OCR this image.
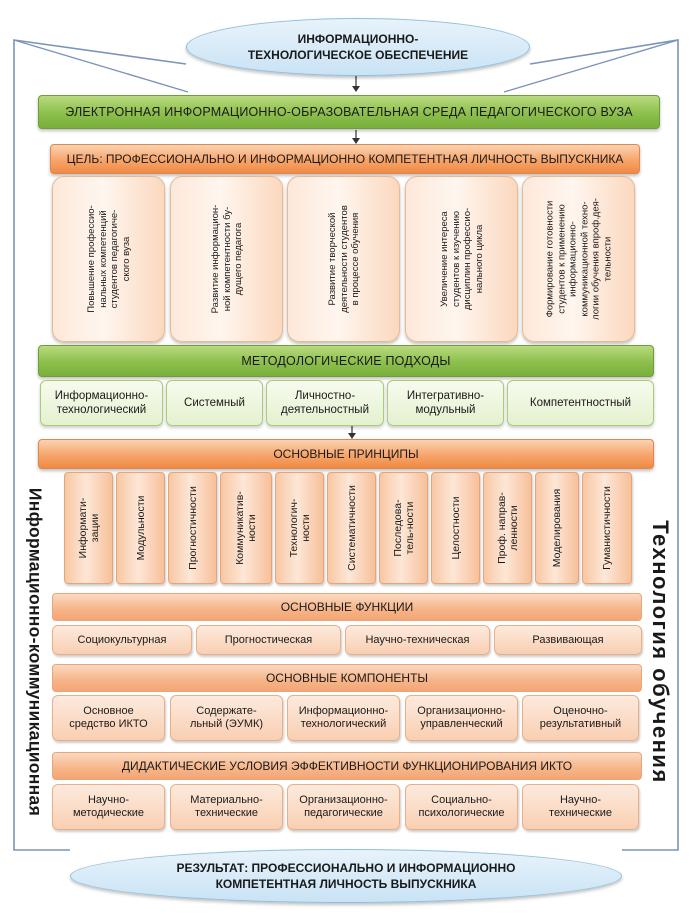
ИНФОРМАЦИОННО-
ТЕХНОЛОГИЧЕСКОЕ ОБЕСПЕЧЕНИЕ
ЭЛЕКТРОННАЯ ИНФОРМАЦИОННО-ОБРАЗОВАТЕЛЬНАЯ СРЕДА ПЕДАГОГИЧЕСКОГО ВУЗА
ЦЕЛЬ: ПРОФЕССИОНАЛЬНО И ИНФОРМАЦИОННО КОМПЕТЕНТНАЯ ЛИЧНОСТЬ ВЫПУСКНИКА
Повышение профессио-
нальных компетенций
студентов педагогиче-
ского вуза
Развитие информацион-
ной компетентности бу-
дущего педагога
Развитие творческой
деятельности студентов
в процессе обучения
Увеличение интереса
студентов к изучению
дисциплин профессио-
нального цикла
Формирование готовности
студентов к применению
информационно-
коммуникационной техно-
логии обучения впроф.дея-
тельности
МЕТОДОЛОГИЧЕСКИЕ ПОДХОДЫ
Информационно-
технологический
Системный
Личностно-
деятельностный
Интегративно-
модульный
Компетентностный
ОСНОВНЫЕ ПРИНЦИПЫ
Информати-
зации	Модульности	Прогностичности	Коммуникатив-
ности	Технологич-
ности	Систематичности	Последова-
тель-ности	Целостности	Проф. направ-
ленности	Моделирования	Гуманистичности
ОСНОВНЫЕ ФУНКЦИИ
Социокультурная	Прогностическая	Научно-техническая	Развивающая
ОСНОВНЫЕ КОМПОНЕНТЫ
Основное
средство ИКТО
Содержате-
льный (ЭУМК)
Информационно-
технологический
Организационно-
управленческий
Оценочно-
результативный
ДИДАКТИЧЕСКИЕ УСЛОВИЯ ЭФФЕКТИВНОСТИ ФУНКЦИОНИРОВАНИЯ ИКТО
Научно-
методические
Материально-
технические
Организационно-
педагогические
Социально-
психологические
Научно-
технические
Информационно-коммуникационная	Технология обучения
РЕЗУЛЬТАТ: ПРОФЕССИОНАЛЬНО И ИНФОРМАЦИОННО
КОМПЕТЕНТНАЯ ЛИЧНОСТЬ ВЫПУСКНИКА
